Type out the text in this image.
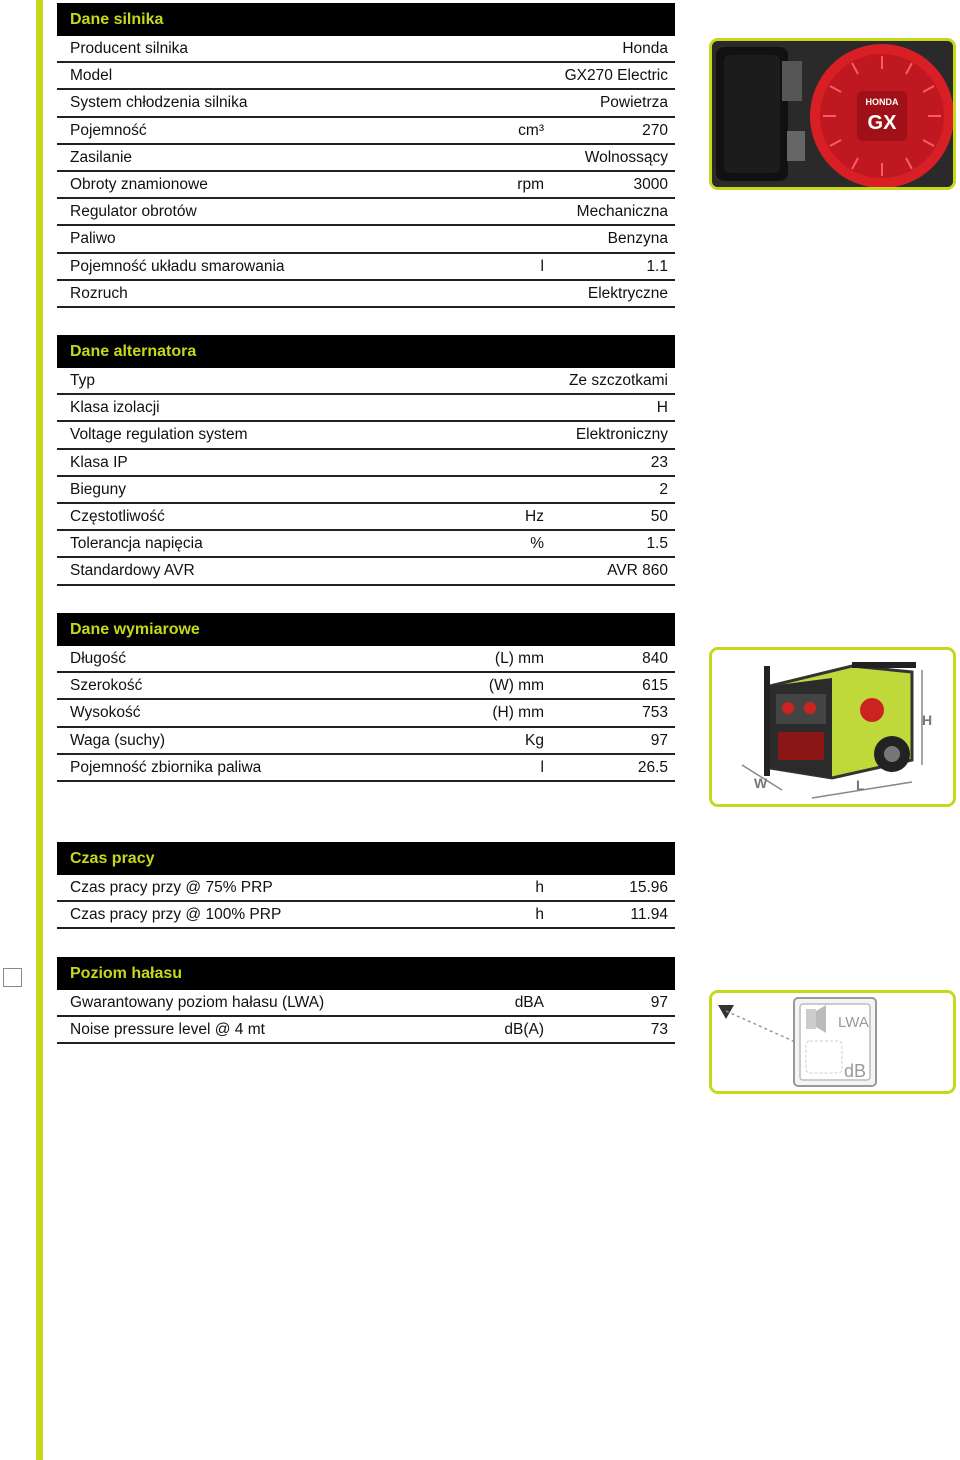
Dane silnika
Producent silnika	Honda
Model	GX270 Electric
System chłodzenia silnika	Powietrza
Pojemność	cm³	270
Zasilanie	Wolnossący
Obroty znamionowe	rpm	3000
Regulator obrotów	Mechaniczna
Paliwo	Benzyna
Pojemność układu smarowania	l	1.1
Rozruch	Elektryczne
Dane alternatora
Typ	Ze szczotkami
Klasa izolacji	H
Voltage regulation system	Elektroniczny
Klasa IP	23
Bieguny	2
Częstotliwość	Hz	50
Tolerancja napięcia	%	1.5
Standardowy AVR	AVR 860
Dane wymiarowe
Długość	(L) mm	840
Szerokość	(W) mm	615
Wysokość	(H) mm	753
Waga (suchy)	Kg	97
Pojemność zbiornika paliwa	l	26.5
Czas pracy
Czas pracy przy @ 75% PRP	h	15.96
Czas pracy przy @ 100% PRP	h	11.94
Poziom hałasu
Gwarantowany poziom hałasu (LWA)	dBA	97
Noise pressure level @ 4 mt	dB(A)	73
HONDA
GX
H
W	L
LWA
dB
